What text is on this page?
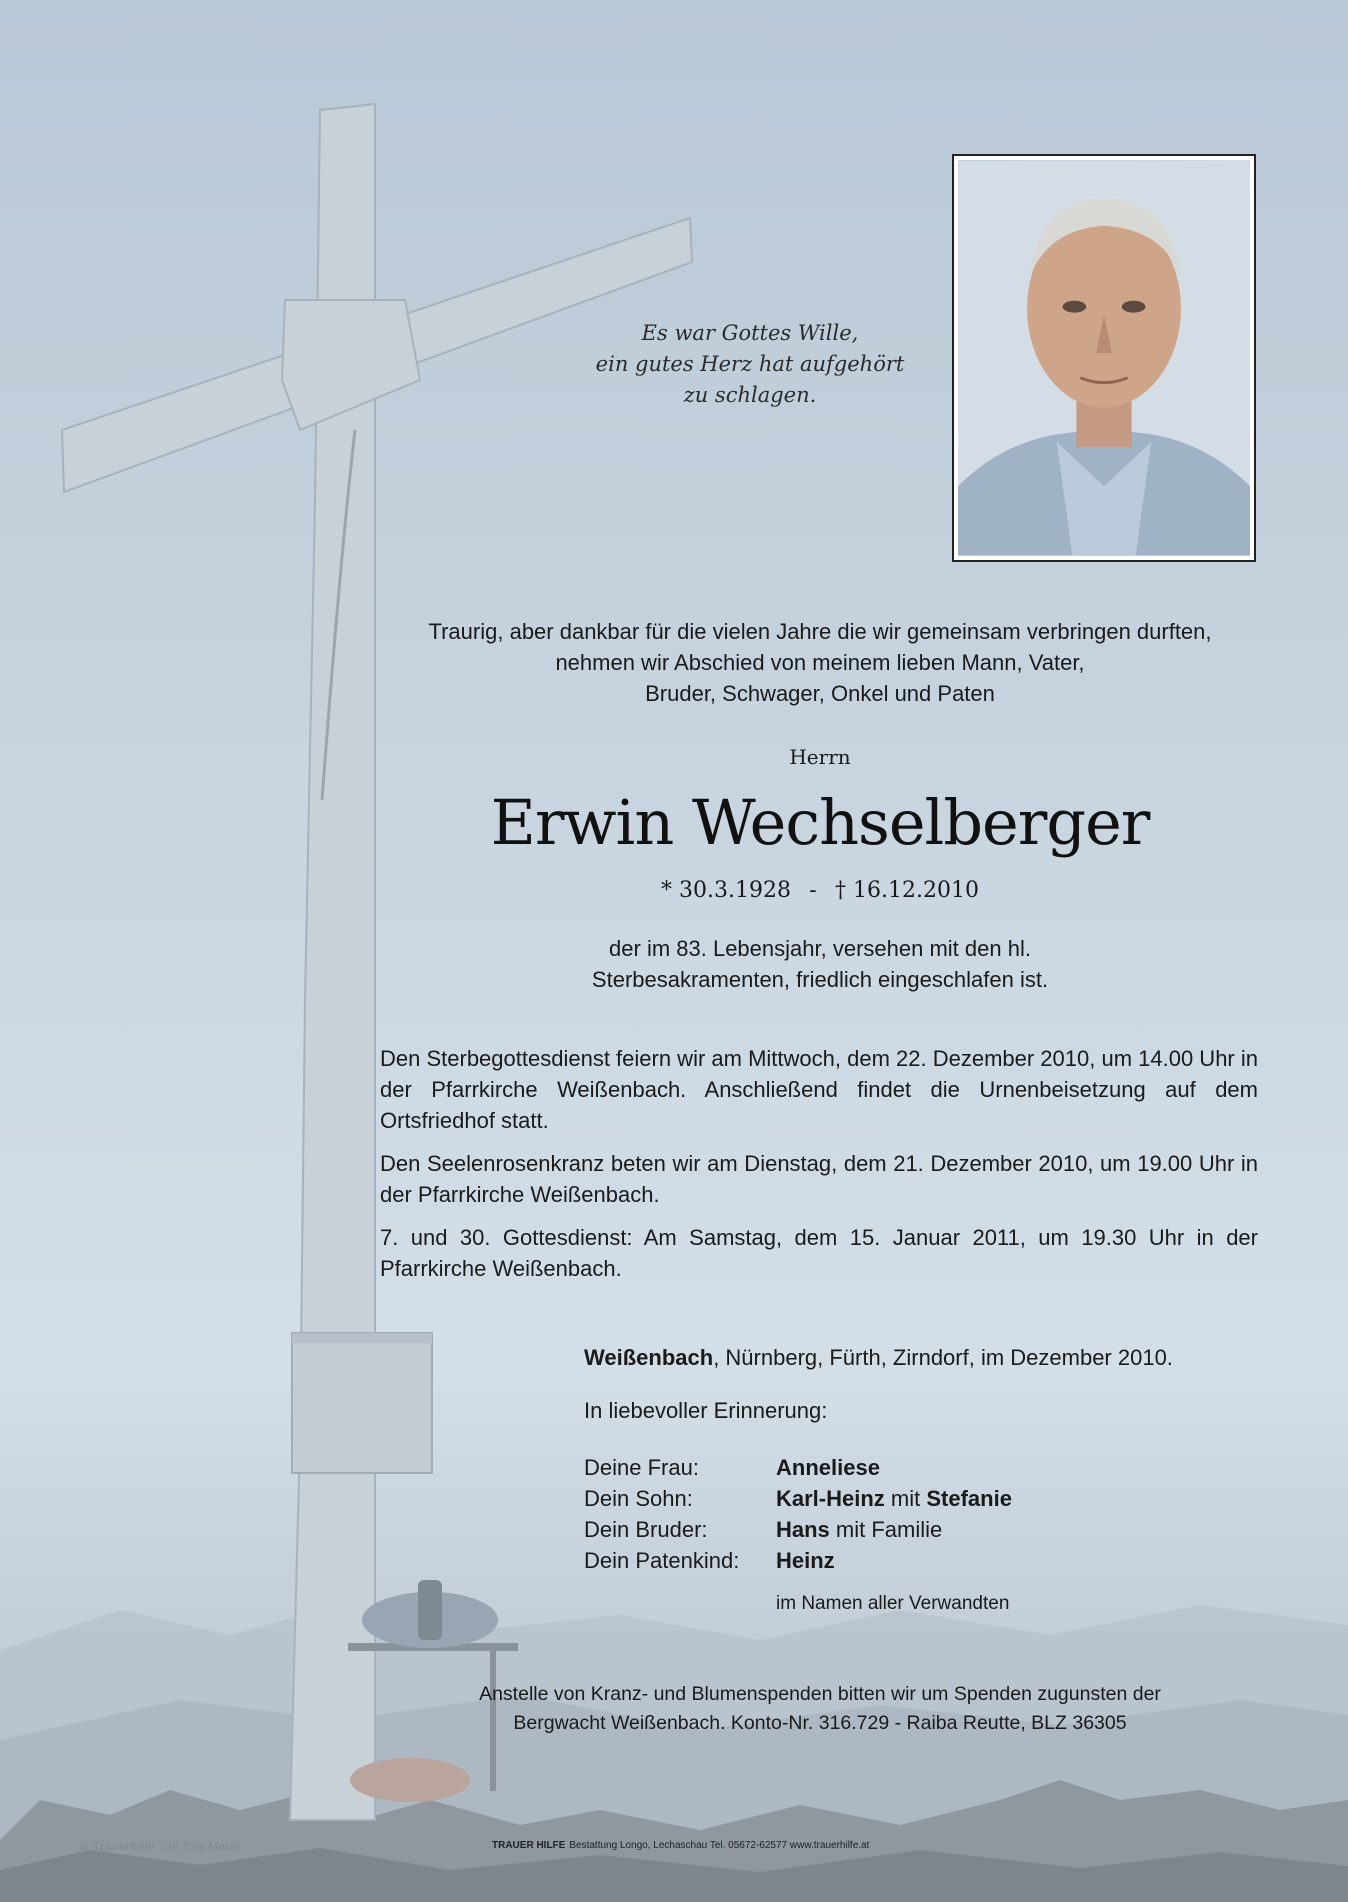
Es war Gottes Wille,
ein gutes Herz hat aufgehört
zu schlagen.
Traurig, aber dankbar für die vielen Jahre die wir gemeinsam verbringen durften,
nehmen wir Abschied von meinem lieben Mann, Vater,
Bruder, Schwager, Onkel und Paten
Herrn
Erwin Wechselberger
* 30.3.1928 - † 16.12.2010
der im 83. Lebensjahr, versehen mit den hl.
Sterbesakramenten, friedlich eingeschlafen ist.

Den Sterbegottesdienst feiern wir am Mittwoch, dem 22. Dezember 2010, um 14.00 Uhr in der Pfarrkirche Weißenbach. Anschließend findet die Urnenbeisetzung auf dem Ortsfriedhof statt.

Den Seelenrosenkranz beten wir am Dienstag, dem 21. Dezember 2010, um 19.00 Uhr in der Pfarrkirche Weißenbach.

7. und 30. Gottesdienst: Am Samstag, dem 15. Januar 2011, um 19.30 Uhr in der Pfarrkirche Weißenbach.

Weißenbach, Nürnberg, Fürth, Zirndorf, im Dezember 2010.
In liebevoller Erinnerung:
Deine Frau:	Anneliese
Dein Sohn:	Karl-Heinz mit Stefanie
Dein Bruder:	Hans mit Familie
Dein Patenkind:	Heinz
im Namen aller Verwandten
Anstelle von Kranz- und Blumenspenden bitten wir um Spenden zugunsten der
Bergwacht Weißenbach. Konto-Nr. 316.729 - Raiba Reutte, BLZ 36305
© Trauerhilfe 226 Eva Maier	TRAUER HILFE Bestattung Longo, Lechaschau Tel. 05672-62577 www.trauerhilfe.at
